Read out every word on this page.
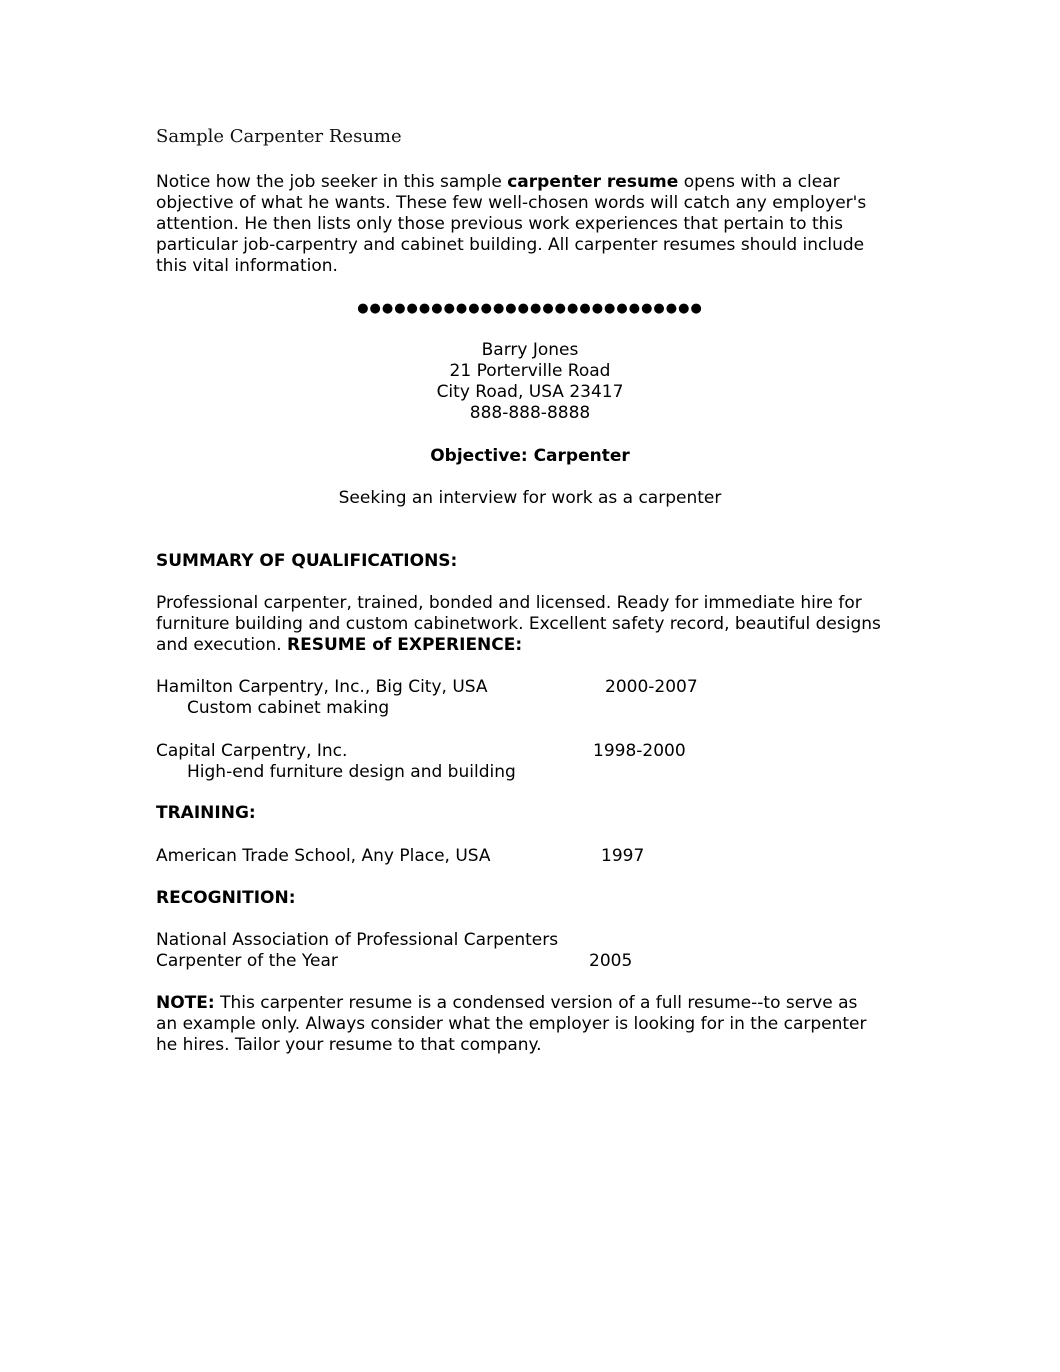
Sample Carpenter Resume

Notice how the job seeker in this sample carpenter resume opens with a clear
objective of what he wants. These few well-chosen words will catch any employer's
attention. He then lists only those previous work experiences that pertain to this
particular job-carpentry and cabinet building. All carpenter resumes should include
this vital information.

●●●●●●●●●●●●●●●●●●●●●●●●●●●●

Barry Jones
21 Porterville Road
City Road, USA 23417
888-888-8888
Objective: Carpenter
Seeking an interview for work as a carpenter
SUMMARY OF QUALIFICATIONS:
Professional carpenter, trained, bonded and licensed. Ready for immediate hire for
furniture building and custom cabinetwork. Excellent safety record, beautiful designs
and execution. RESUME of EXPERIENCE:
Hamilton Carpentry, Inc., Big City, USA	2000-2007
Custom cabinet making
Capital Carpentry, Inc.	1998-2000
High-end furniture design and building
TRAINING:
American Trade School, Any Place, USA	1997
RECOGNITION:
National Association of Professional Carpenters
Carpenter of the Year	2005
NOTE: This carpenter resume is a condensed version of a full resume--to serve as
an example only. Always consider what the employer is looking for in the carpenter
he hires. Tailor your resume to that company.
